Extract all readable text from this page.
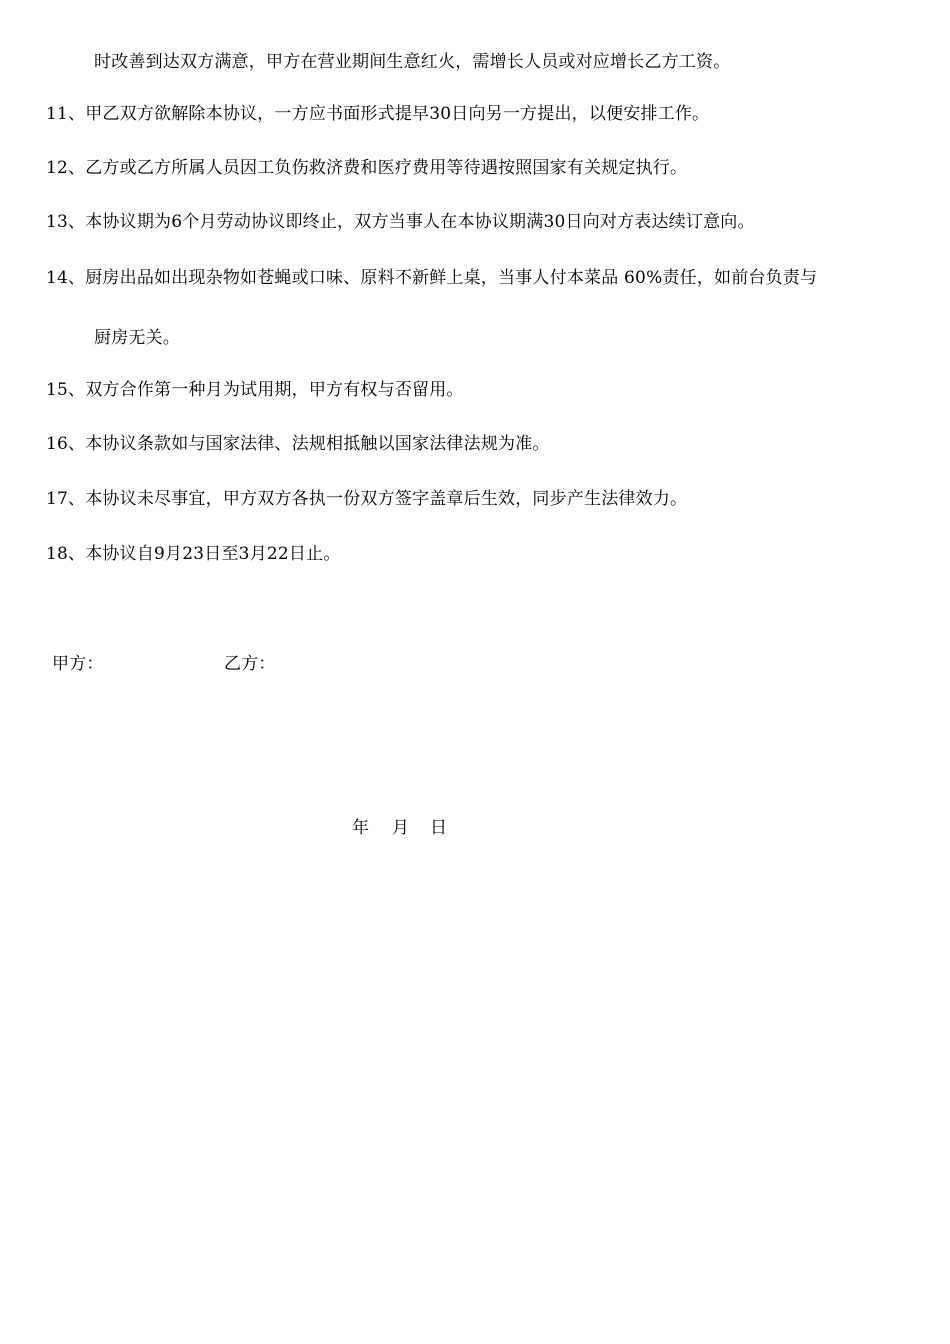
时改善到达双方满意，甲方在营业期间生意红火，需增长人员或对应增长乙方工资。
11、甲乙双方欲解除本协议，一方应书面形式提早30日向另一方提出，以便安排工作。
12、乙方或乙方所属人员因工负伤救济费和医疗费用等待遇按照国家有关规定执行。
13、本协议期为6个月劳动协议即终止，双方当事人在本协议期满30日向对方表达续订意向。
14、厨房出品如出现杂物如苍蝇或口味、原料不新鲜上桌，当事人付本菜品 60%责任，如前台负责与
厨房无关。
15、双方合作第一种月为试用期，甲方有权与否留用。
16、本协议条款如与国家法律、法规相抵触以国家法律法规为准。
17、本协议未尽事宜，甲方双方各执一份双方签字盖章后生效，同步产生法律效力。
18、本协议自9月23日至3月22日止。
甲方：	乙方：
年 月 日
